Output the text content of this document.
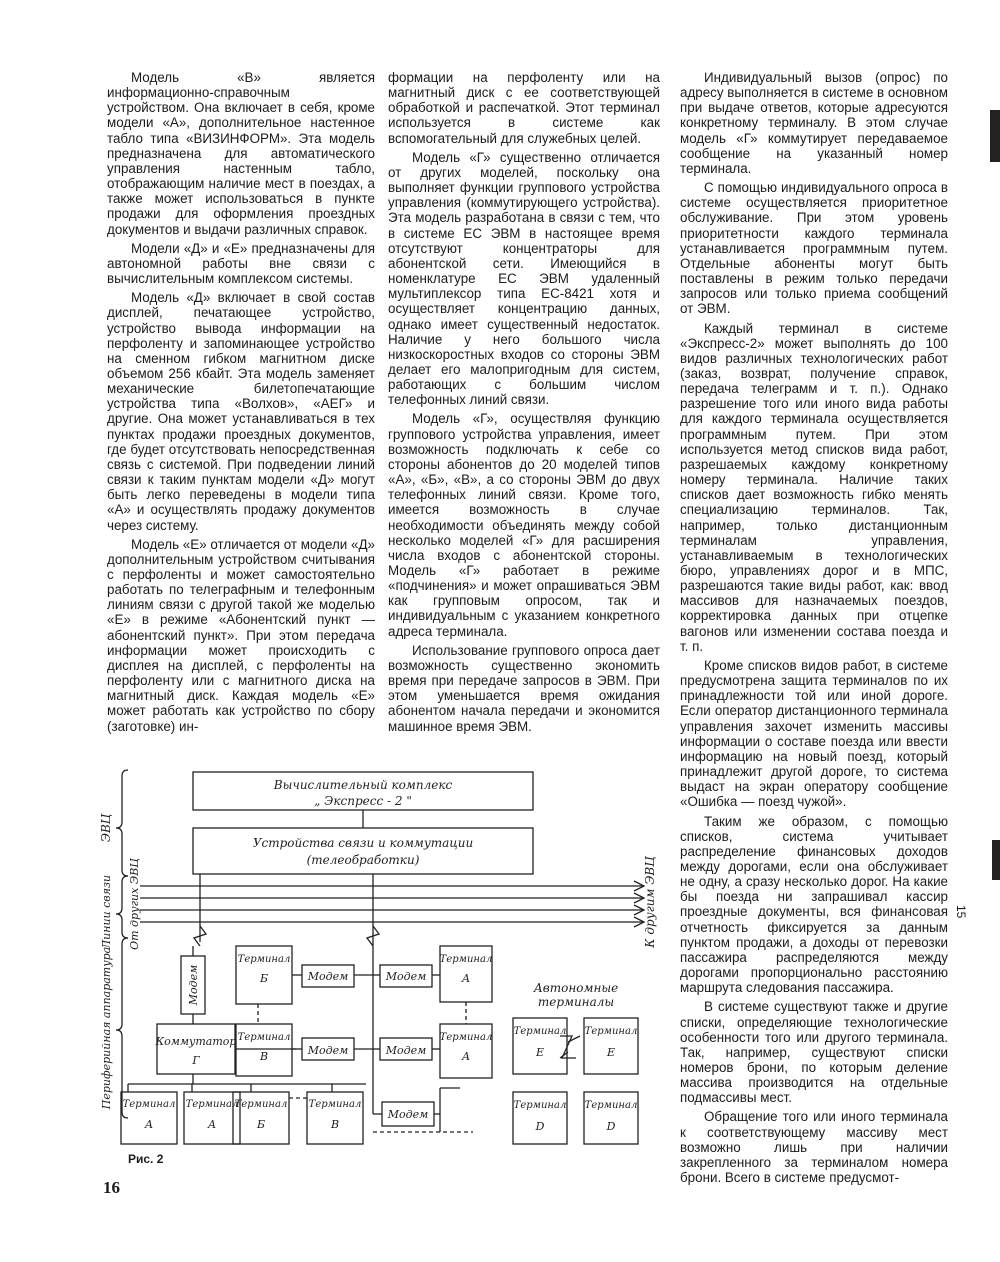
Модель «В» является информационно-справочным устройством. Она включает в себя, кроме модели «А», дополнительное настенное табло типа «ВИЗИНФОРМ». Эта модель предназначена для автоматического управления настенным табло, отображающим наличие мест в поездах, а также может использоваться в пункте продажи для оформления проездных документов и выдачи различных справок.

Модели «Д» и «Е» предназначены для автономной работы вне связи с вычислительным комплексом системы.

Модель «Д» включает в свой состав дисплей, печатающее устройство, устройство вывода информации на перфоленту и запоминающее устройство на сменном гибком магнитном диске объемом 256 кбайт. Эта модель заменяет механические билетопечатающие устройства типа «Волхов», «АЕГ» и другие. Она может устанавливаться в тех пунктах продажи проездных документов, где будет отсутствовать непосредственная связь с системой. При подведении линий связи к таким пунктам модели «Д» могут быть легко переведены в модели типа «А» и осуществлять продажу документов через систему.

Модель «Е» отличается от модели «Д» дополнительным устройством считывания с перфоленты и может самостоятельно работать по телеграфным и телефонным линиям связи с другой такой же моделью «Е» в режиме «Абонентский пункт — абонентский пункт». При этом передача информации может происходить с дисплея на дисплей, с перфоленты на перфоленту или с магнитного диска на магнитный диск. Каждая модель «Е» может работать как устройство по сбору (заготовке) ин-

формации на перфоленту или на магнитный диск с ее соответствующей обработкой и распечаткой. Этот терминал используется в системе как вспомогательный для служебных целей.

Модель «Г» существенно отличается от других моделей, поскольку она выполняет функции группового устройства управления (коммутирующего устройства). Эта модель разработана в связи с тем, что в системе ЕС ЭВМ в настоящее время отсутствуют концентраторы для абонентской сети. Имеющийся в номенклатуре ЕС ЭВМ удаленный мультиплексор типа ЕС-8421 хотя и осуществляет концентрацию данных, однако имеет существенный недостаток. Наличие у него большого числа низкоскоростных входов со стороны ЭВМ делает его малопригодным для систем, работающих с большим числом телефонных линий связи.

Модель «Г», осуществляя функцию группового устройства управления, имеет возможность подключать к себе со стороны абонентов до 20 моделей типов «А», «Б», «В», а со стороны ЭВМ до двух телефонных линий связи. Кроме того, имеется возможность в случае необходимости объединять между собой несколько моделей «Г» для расширения числа входов с абонентской стороны. Модель «Г» работает в режиме «подчинения» и может опрашиваться ЭВМ как групповым опросом, так и индивидуальным с указанием конкретного адреса терминала.

Использование группового опроса дает возможность существенно экономить время при передаче запросов в ЭВМ. При этом уменьшается время ожидания абонентом начала передачи и экономится машинное время ЭВМ.

Индивидуальный вызов (опрос) по адресу выполняется в системе в основном при выдаче ответов, которые адресуются конкретному терминалу. В этом случае модель «Г» коммутирует передаваемое сообщение на указанный номер терминала.

С помощью индивидуального опроса в системе осуществляется приоритетное обслуживание. При этом уровень приоритетности каждого терминала устанавливается программным путем. Отдельные абоненты могут быть поставлены в режим только передачи запросов или только приема сообщений от ЭВМ.

Каждый терминал в системе «Экспресс-2» может выполнять до 100 видов различных технологических работ (заказ, возврат, получение справок, передача телеграмм и т. п.). Однако разрешение того или иного вида работы для каждого терминала осуществляется программным путем. При этом используется метод списков вида работ, разрешаемых каждому конкретному номеру терминала. Наличие таких списков дает возможность гибко менять специализацию терминалов. Так, например, только дистанционным терминалам управления, устанавливаемым в технологических бюро, управлениях дорог и в МПС, разрешаются такие виды работ, как: ввод массивов для назначаемых поездов, корректировка данных при отцепке вагонов или изменении состава поезда и т. п.

Кроме списков видов работ, в системе предусмотрена защита терминалов по их принадлежности той или иной дороге. Если оператор дистанционного терминала управления захочет изменить массивы информации о составе поезда или ввести информацию на новый поезд, который принадлежит другой дороге, то система выдаст на экран оператору сообщение «Ошибка — поезд чужой».

Таким же образом, с помощью списков, система учитывает распределение финансовых доходов между дорогами, если она обслуживает не одну, а сразу несколько дорог. На какие бы поезда ни запрашивал кассир проездные документы, вся финансовая отчетность фиксируется за данным пунктом продажи, а доходы от перевозки пассажира распределяются между дорогами пропорционально расстоянию маршрута следования пассажира.

В системе существуют также и другие списки, определяющие технологические особенности того или другого терминала. Так, например, существуют списки номеров брони, по которым деление массива производится на отдельные подмассивы мест.

Обращение того или иного терминала к соответствующему массиву мест возможно лишь при наличии закрепленного за терминалом номера брони. Всего в системе предусмот-

Вычислительный комплекс
„ Экспресс - 2 "
Устройства связи и коммутации
(телеобработки)
ЭВЦ
Линии связи От других ЭВЦ	К другим ЭВЦ
Периферийная аппаратура	Модем
Коммутатор
Г
Терминал
А
Терминал
А
Терминал
Б
Терминал
В
Терминал
Б	Модем
Терминал
В	Модем
Модем
Терминал
А
Модем
Терминал
А
Модем
Автономные
терминалы
Терминал
Е
Терминал
Е
Терминал
D
Терминал
D
Рис. 2
16
15
